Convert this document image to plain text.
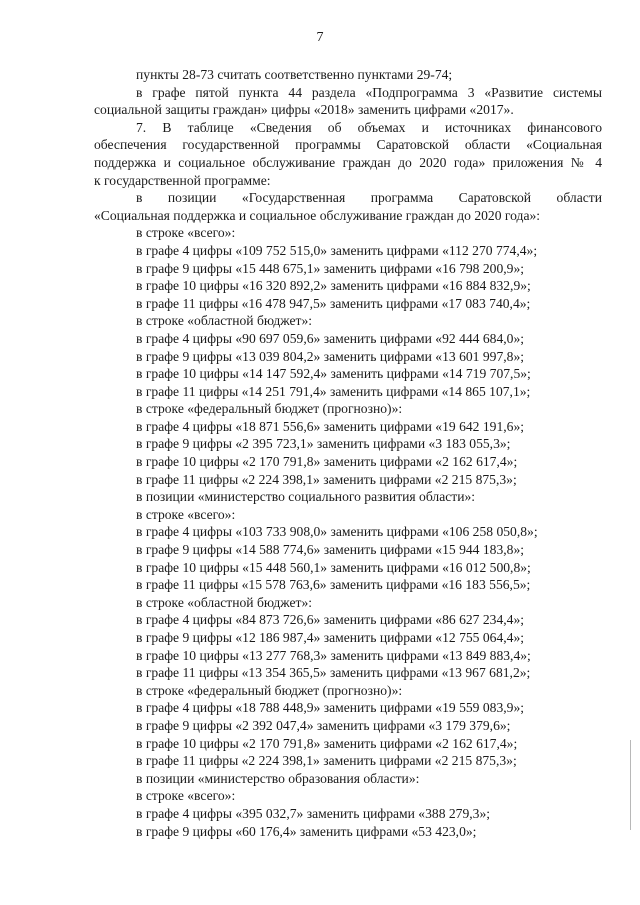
7
пункты 28-73 считать соответственно пунктами 29-74;
в графе пятой пункта 44 раздела «Подпрограмма 3 «Развитие системы
социальной защиты граждан» цифры «2018» заменить цифрами «2017».
7. В таблице «Сведения об объемах и источниках финансового
обеспечения государственной программы Саратовской области «Социальная
поддержка и социальное обслуживание граждан до 2020 года» приложения № 4
к государственной программе:
в позиции «Государственная программа Саратовской области
«Социальная поддержка и социальное обслуживание граждан до 2020 года»:
в строке «всего»:
в графе 4 цифры «109 752 515,0» заменить цифрами «112 270 774,4»;
в графе 9 цифры «15 448 675,1» заменить цифрами «16 798 200,9»;
в графе 10 цифры «16 320 892,2» заменить цифрами «16 884 832,9»;
в графе 11 цифры «16 478 947,5» заменить цифрами «17 083 740,4»;
в строке «областной бюджет»:
в графе 4 цифры «90 697 059,6» заменить цифрами «92 444 684,0»;
в графе 9 цифры «13 039 804,2» заменить цифрами «13 601 997,8»;
в графе 10 цифры «14 147 592,4» заменить цифрами «14 719 707,5»;
в графе 11 цифры «14 251 791,4» заменить цифрами «14 865 107,1»;
в строке «федеральный бюджет (прогнозно)»:
в графе 4 цифры «18 871 556,6» заменить цифрами «19 642 191,6»;
в графе 9 цифры «2 395 723,1» заменить цифрами «3 183 055,3»;
в графе 10 цифры «2 170 791,8» заменить цифрами «2 162 617,4»;
в графе 11 цифры «2 224 398,1» заменить цифрами «2 215 875,3»;
в позиции «министерство социального развития области»:
в строке «всего»:
в графе 4 цифры «103 733 908,0» заменить цифрами «106 258 050,8»;
в графе 9 цифры «14 588 774,6» заменить цифрами «15 944 183,8»;
в графе 10 цифры «15 448 560,1» заменить цифрами «16 012 500,8»;
в графе 11 цифры «15 578 763,6» заменить цифрами «16 183 556,5»;
в строке «областной бюджет»:
в графе 4 цифры «84 873 726,6» заменить цифрами «86 627 234,4»;
в графе 9 цифры «12 186 987,4» заменить цифрами «12 755 064,4»;
в графе 10 цифры «13 277 768,3» заменить цифрами «13 849 883,4»;
в графе 11 цифры «13 354 365,5» заменить цифрами «13 967 681,2»;
в строке «федеральный бюджет (прогнозно)»:
в графе 4 цифры «18 788 448,9» заменить цифрами «19 559 083,9»;
в графе 9 цифры «2 392 047,4» заменить цифрами «3 179 379,6»;
в графе 10 цифры «2 170 791,8» заменить цифрами «2 162 617,4»;
в графе 11 цифры «2 224 398,1» заменить цифрами «2 215 875,3»;
в позиции «министерство образования области»:
в строке «всего»:
в графе 4 цифры «395 032,7» заменить цифрами «388 279,3»;
в графе 9 цифры «60 176,4» заменить цифрами «53 423,0»;
